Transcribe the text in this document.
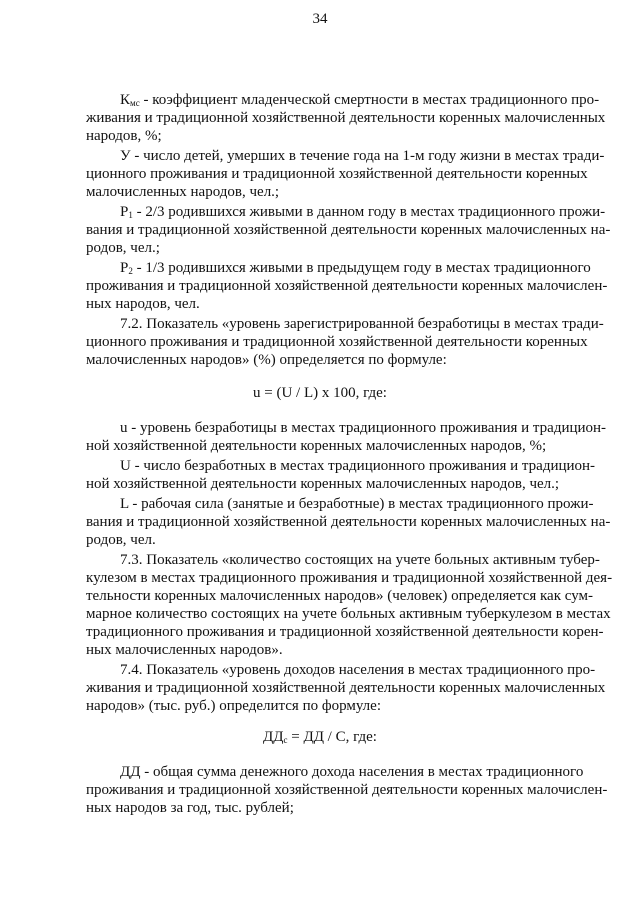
34
$К_{мс}$ - коэффициент младенческой смертности в местах традиционного про-
живания и традиционной хозяйственной деятельности коренных малочисленных
народов, %;
У - число детей, умерших в течение года на 1-м году жизни в местах тради-
ционного проживания и традиционной хозяйственной деятельности коренных
малочисленных народов, чел.;
$Р_1 - 2/3$ родившихся живыми в данном году в местах традиционного прожи-
вания и традиционной хозяйственной деятельности коренных малочисленных на-
родов, чел.;
$Р_2 - 1/3$ родившихся живыми в предыдущем году в местах традиционного
проживания и традиционной хозяйственной деятельности коренных малочислен-
ных народов, чел.
7.2. Показатель «уровень зарегистрированной безработицы в местах тради-
ционного проживания и традиционной хозяйственной деятельности коренных
малочисленных народов» (%) определяется по формуле:
u = (U / L) x 100, где:
u - уровень безработицы в местах традиционного проживания и традицион-
ной хозяйственной деятельности коренных малочисленных народов, %;
U - число безработных в местах традиционного проживания и традицион-
ной хозяйственной деятельности коренных малочисленных народов, чел.;
L - рабочая сила (занятые и безработные) в местах традиционного прожи-
вания и традиционной хозяйственной деятельности коренных малочисленных на-
родов, чел.
7.3. Показатель «количество состоящих на учете больных активным тубер-
кулезом в местах традиционного проживания и традиционной хозяйственной дея-
тельности коренных малочисленных народов» (человек) определяется как сум-
марное количество состоящих на учете больных активным туберкулезом в местах
традиционного проживания и традиционной хозяйственной деятельности корен-
ных малочисленных народов».
7.4. Показатель «уровень доходов населения в местах традиционного про-
живания и традиционной хозяйственной деятельности коренных малочисленных
народов» (тыс. руб.) определится по формуле:
$ДД_с$ = ДД / С, где:
ДД - общая сумма денежного дохода населения в местах традиционного
проживания и традиционной хозяйственной деятельности коренных малочислен-
ных народов за год, тыс. рублей;
